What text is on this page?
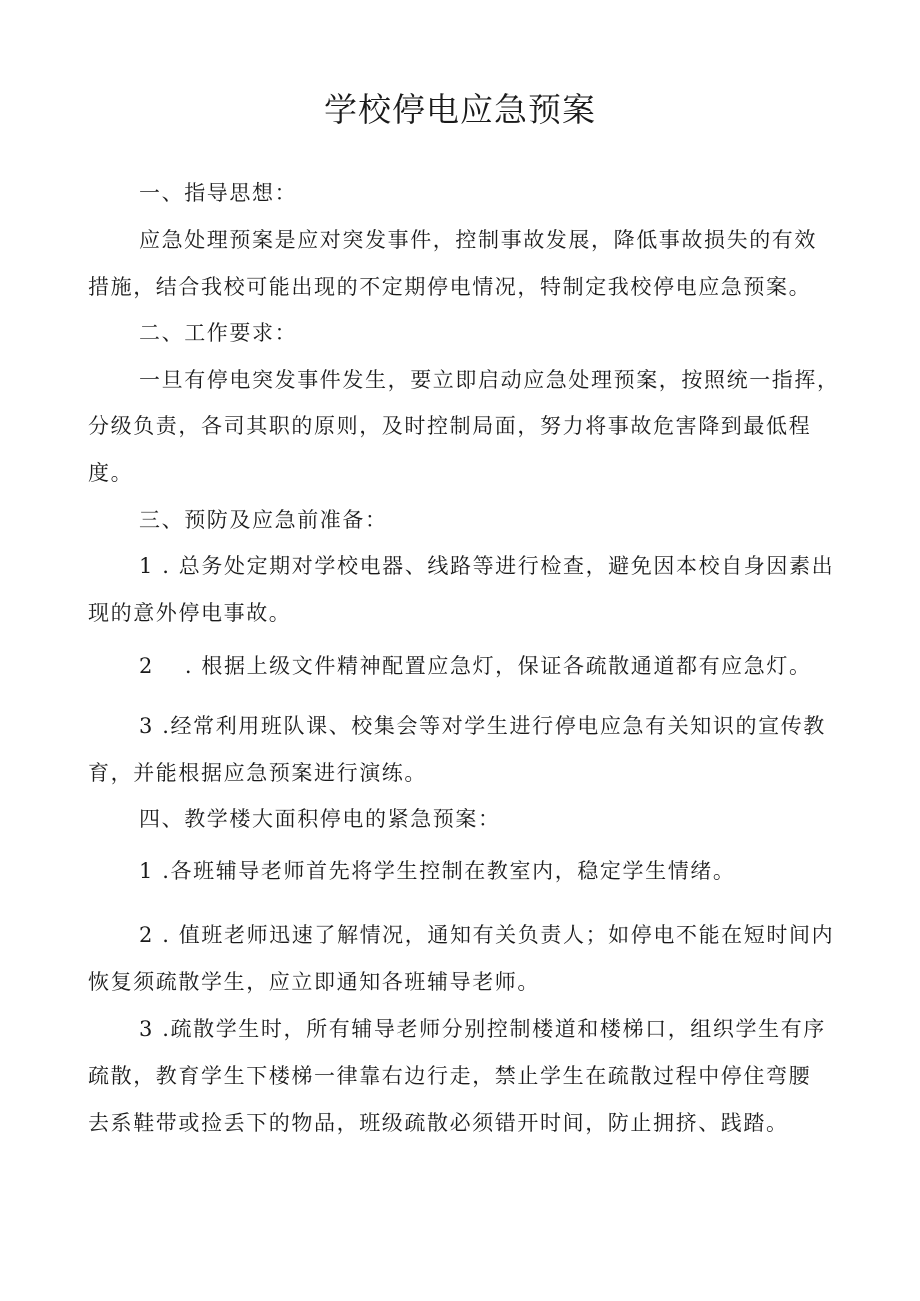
学校停电应急预案
一、指导思想：
应急处理预案是应对突发事件，控制事故发展，降低事故损失的有效
措施，结合我校可能出现的不定期停电情况，特制定我校停电应急预案。
二、工作要求：
一旦有停电突发事件发生，要立即启动应急处理预案，按照统一指挥，
分级负责，各司其职的原则，及时控制局面，努力将事故危害降到最低程
度。
三、预防及应急前准备：
1 . 总务处定期对学校电器、线路等进行检查，避免因本校自身因素出
现的意外停电事故。
2　 . 根据上级文件精神配置应急灯，保证各疏散通道都有应急灯。
3 .经常利用班队课、校集会等对学生进行停电应急有关知识的宣传教
育，并能根据应急预案进行演练。
四、教学楼大面积停电的紧急预案：
1 .各班辅导老师首先将学生控制在教室内，稳定学生情绪。
2 . 值班老师迅速了解情况，通知有关负责人；如停电不能在短时间内
恢复须疏散学生，应立即通知各班辅导老师。
3 .疏散学生时，所有辅导老师分别控制楼道和楼梯口，组织学生有序
疏散，教育学生下楼梯一律靠右边行走，禁止学生在疏散过程中停住弯腰
去系鞋带或捡丢下的物品，班级疏散必须错开时间，防止拥挤、践踏。
